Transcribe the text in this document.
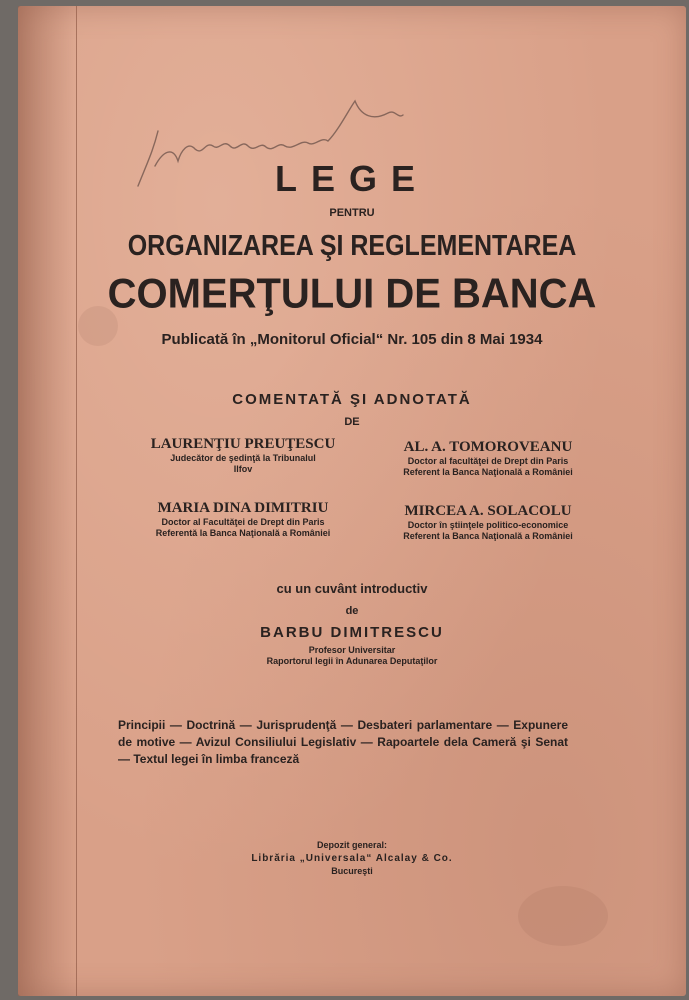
LEGE
PENTRU
ORGANIZAREA ŞI REGLEMENTAREA
COMERŢULUI DE BANCA
Publicată în „Monitorul Oficial“ Nr. 105 din 8 Mai 1934
COMENTATĂ ŞI ADNOTATĂ
DE
LAURENŢIU PREUŢESCU
Judecător de şedinţă la Tribunalul
Ilfov
AL. A. TOMOROVEANU
Doctor al facultăţei de Drept din Paris
Referent la Banca Naţională a României
MARIA DINA DIMITRIU
Doctor al Facultăţei de Drept din Paris
Referentă la Banca Naţională a României
MIRCEA A. SOLACOLU
Doctor în ştiinţele politico-economice
Referent la Banca Naţională a României
cu un cuvânt introductiv
de
BARBU DIMITRESCU
Profesor Universitar
Raportorul legii în Adunarea Deputaţilor
Principii — Doctrină — Jurisprudenţă — Desbateri parlamentare — Expunere de motive — Avizul Consiliului Legislativ — Rapoartele dela Cameră şi Senat — Textul legei în limba franceză
Depozit general:
Librăria „Universala“ Alcalay & Co.
Bucureşti
